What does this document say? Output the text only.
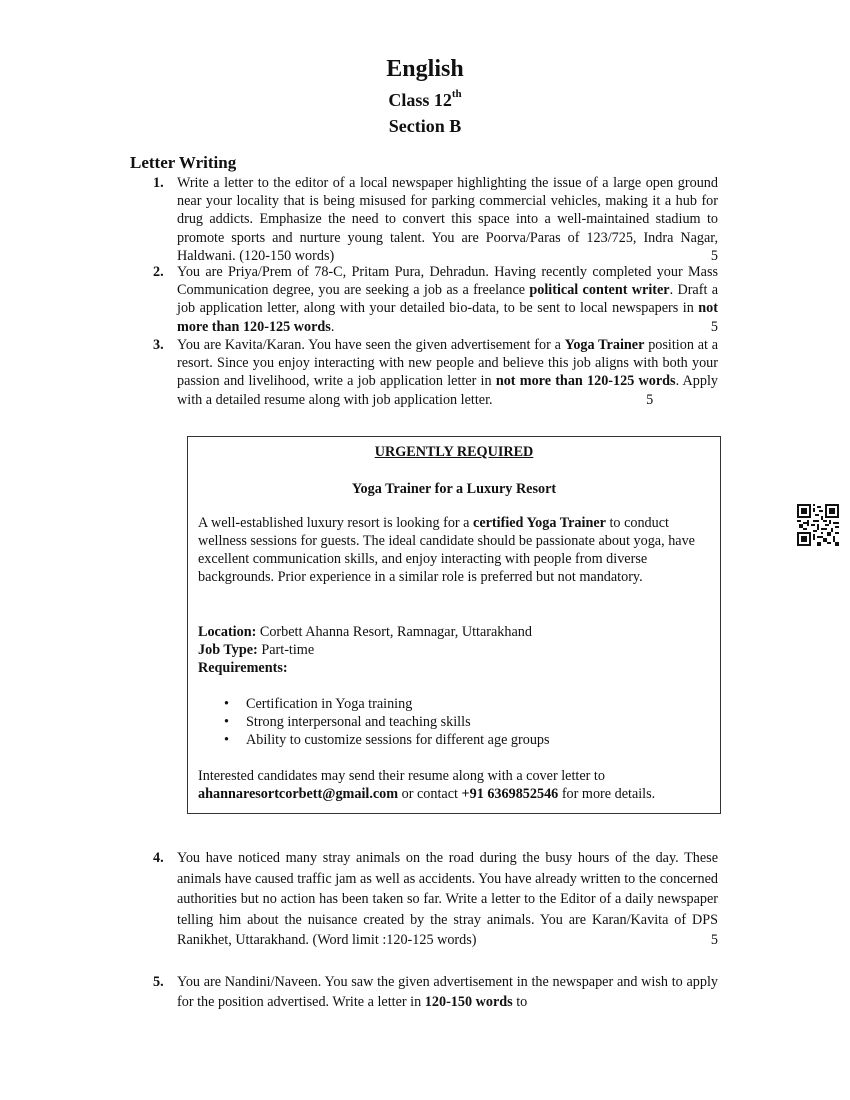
English
Class 12th
Section B
Letter Writing
1. Write a letter to the editor of a local newspaper highlighting the issue of a large open ground near your locality that is being misused for parking commercial vehicles, making it a hub for drug addicts. Emphasize the need to convert this space into a well-maintained stadium to promote sports and nurture young talent. You are Poorva/Paras of 123/725, Indra Nagar, Haldwani. (120-150 words)	5
2. You are Priya/Prem of 78-C, Pritam Pura, Dehradun. Having recently completed your Mass Communication degree, you are seeking a job as a freelance political content writer. Draft a job application letter, along with your detailed bio-data, to be sent to local newspapers in not more than 120-125 words.	5
3. You are Kavita/Karan. You have seen the given advertisement for a Yoga Trainer position at a resort. Since you enjoy interacting with new people and believe this job aligns with both your passion and livelihood, write a job application letter in not more than 120-125 words. Apply with a detailed resume along with job application letter.	5
URGENTLY REQUIRED
Yoga Trainer for a Luxury Resort
A well-established luxury resort is looking for a certified Yoga Trainer to conduct wellness sessions for guests. The ideal candidate should be passionate about yoga, have excellent communication skills, and enjoy interacting with people from diverse backgrounds. Prior experience in a similar role is preferred but not mandatory.
Location: Corbett Ahanna Resort, Ramnagar, Uttarakhand
Job Type: Part-time
Requirements:
• Certification in Yoga training
• Strong interpersonal and teaching skills
• Ability to customize sessions for different age groups
Interested candidates may send their resume along with a cover letter to ahannaresortcorbett@gmail.com or contact +91 6369852546 for more details.
4. You have noticed many stray animals on the road during the busy hours of the day. These animals have caused traffic jam as well as accidents. You have already written to the concerned authorities but no action has been taken so far. Write a letter to the Editor of a daily newspaper telling him about the nuisance created by the stray animals. You are Karan/Kavita of DPS Ranikhet, Uttarakhand. (Word limit :120-125 words)	5
5. You are Nandini/Naveen. You saw the given advertisement in the newspaper and wish to apply for the position advertised. Write a letter in 120-150 words to
